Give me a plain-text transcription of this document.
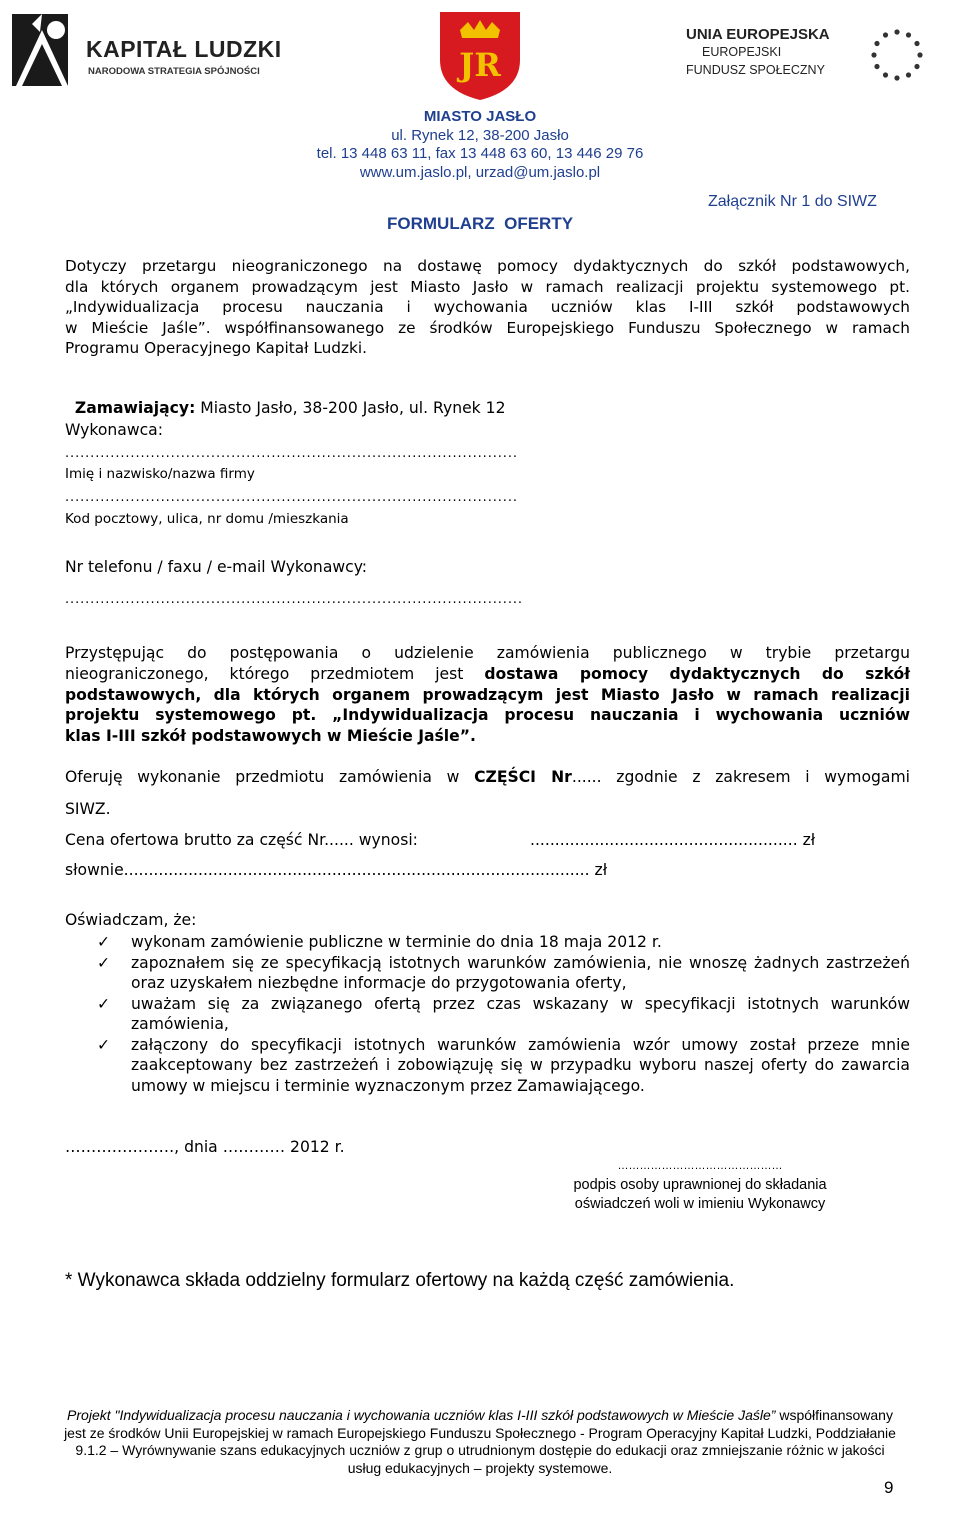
KAPITAŁ LUDZKI
NARODOWA STRATEGIA SPÓJNOŚCI	JR
UNIA EUROPEJSKA
EUROPEJSKI
FUNDUSZ SPOŁECZNY
MIASTO JASŁO
ul. Rynek 12, 38-200 Jasło
tel. 13 448 63 11, fax 13 448 63 60, 13 446 29 76
www.um.jaslo.pl, urzad@um.jaslo.pl
Załącznik Nr 1 do SIWZ
FORMULARZ  OFERTY
Dotyczy przetargu nieograniczonego na dostawę pomocy dydaktycznych do szkół podstawowych,
dla których organem prowadzącym jest Miasto Jasło w ramach realizacji projektu systemowego pt.
„Indywidualizacja procesu nauczania i wychowania uczniów klas I-III szkół podstawowych
w Mieście Jaśle”. współfinansowanego ze środków Europejskiego Funduszu Społecznego w ramach
Programu Operacyjnego Kapitał Ludzki.

Zamawiający: Miasto Jasło, 38-200 Jasło, ul. Rynek 12

Wykonawca:
..........................................................................................
Imię i nazwisko/nazwa firmy
..........................................................................................
Kod pocztowy, ulica, nr domu /mieszkania
Nr telefonu / faxu / e-mail Wykonawcy:
...........................................................................................
Przystępując do postępowania o udzielenie zamówienia publicznego w trybie przetargu
nieograniczonego, którego przedmiotem jest dostawa pomocy dydaktycznych do szkół
podstawowych, dla których organem prowadzącym jest Miasto Jasło w ramach realizacji
projektu systemowego pt. „Indywidualizacja procesu nauczania i wychowania uczniów
klas I-III szkół podstawowych w Mieście Jaśle”.
Oferuję wykonanie przedmiotu zamówienia w CZĘŚCI Nr...... zgodnie z zakresem i wymogami
SIWZ.
Cena ofertowa brutto za część Nr...... wynosi:	...................................................... zł
słownie.............................................................................................. zł
Oświadczam, że:
✓ wykonam zamówienie publiczne w terminie do dnia 18 maja 2012 r.
✓ zapoznałem się ze specyfikacją istotnych warunków zamówienia, nie wnoszę żadnych zastrzeżeń oraz uzyskałem niezbędne informacje do przygotowania oferty,
✓ uważam się za związanego ofertą przez czas wskazany w specyfikacji istotnych warunków zamówienia,
✓ załączony do specyfikacji istotnych warunków zamówienia wzór umowy został przeze mnie zaakceptowany bez zastrzeżeń i zobowiązuję się w przypadku wyboru naszej oferty do zawarcia umowy w miejscu i terminie wyznaczonym przez Zamawiającego.
…………………, dnia ………… 2012 r.
………………………………………
podpis osoby uprawnionej do składania
oświadczeń woli w imieniu Wykonawcy
* Wykonawca składa oddzielny formularz ofertowy na każdą część zamówienia.
Projekt "Indywidualizacja procesu nauczania i wychowania uczniów klas I-III szkół podstawowych w Mieście Jaśle” współfinansowany
jest ze środków Unii Europejskiej w ramach Europejskiego Funduszu Społecznego - Program Operacyjny Kapitał Ludzki, Poddziałanie
9.1.2 – Wyrównywanie szans edukacyjnych uczniów z grup o utrudnionym dostępie do edukacji oraz zmniejszanie różnic w jakości
usług edukacyjnych – projekty systemowe.
9
